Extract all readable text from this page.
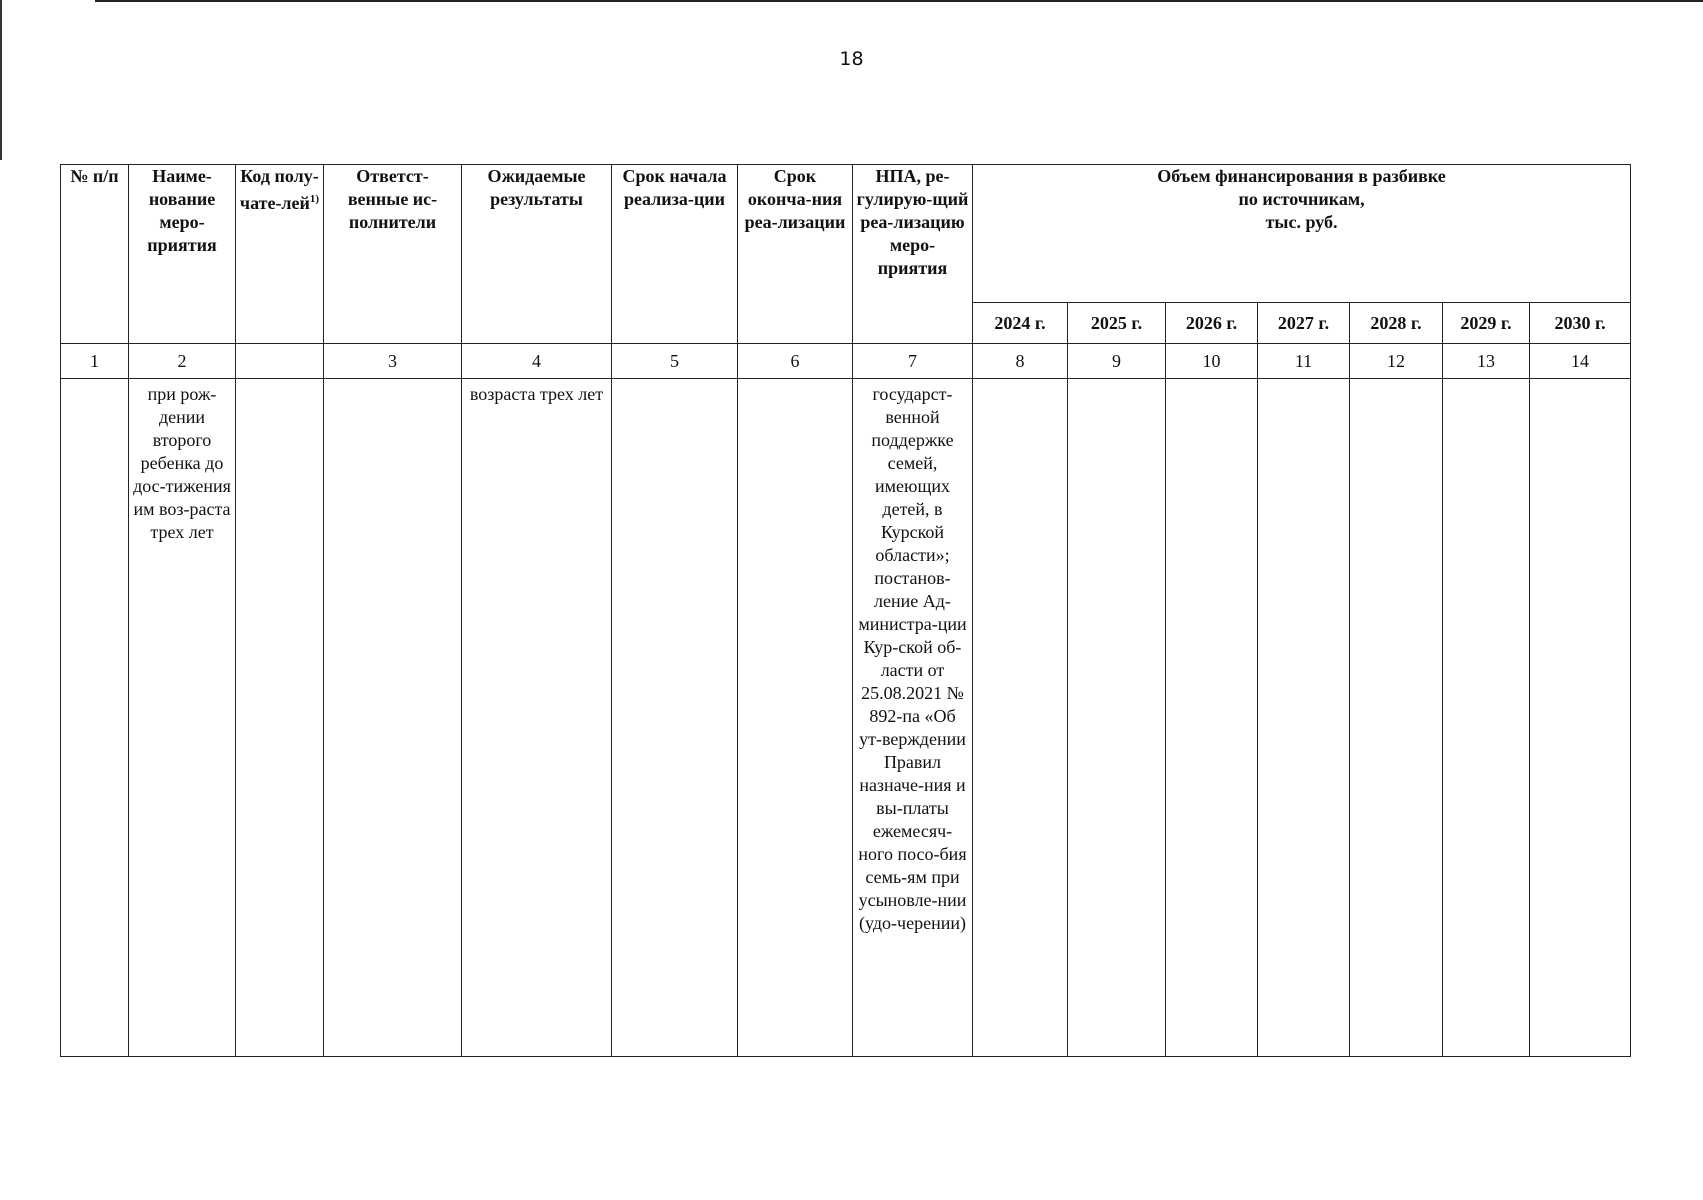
18
№ п/п	Наиме-нование меро-приятия	Код полу-чате-лей$^{1)}$	Ответст-венные ис-полнители	Ожидаемые результаты	Срок начала реализа-ции	Срок оконча-ния реа-лизации	НПА, ре-гулирую-щий реа-лизацию меро-приятия	Объем финансирования в разбивке
по источникам,
тыс. руб.						

								2024 г.	2025 г.	2026 г.	2027 г.	2028 г.	2029 г.	2030 г.
1	2		3	4	5	6	7	8	9	10	11	12	13	14
	при рож-дении второго ребенка до дос-тижения им воз-раста трех лет			возраста трех лет			государст-венной поддержке семей, имеющих детей, в Курской области»; постанов-ление Ад-министра-ции Кур-ской об-ласти от 25.08.2021 № 892-па «Об ут-верждении Правил назначе-ния и вы-платы ежемесяч-ного посо-бия семь-ям при усыновле-нии (удо-черении)							
